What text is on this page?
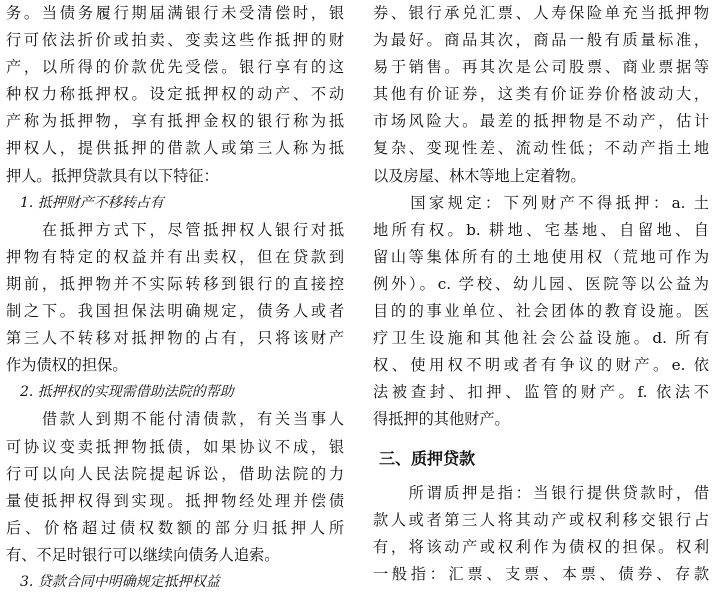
务。当债务履行期届满银行未受清偿时，银
行可依法折价或拍卖、变卖这些作抵押的财
产，以所得的价款优先受偿。银行享有的这
种权力称抵押权。设定抵押权的动产、不动
产称为抵押物，享有抵押金权的银行称为抵
押权人，提供抵押的借款人或第三人称为抵
押人。抵押贷款具有以下特征：
　1. 抵押财产不移转占有
　　在抵押方式下，尽管抵押权人银行对抵
押物有特定的权益并有出卖权，但在贷款到
期前，抵押物并不实际转移到银行的直接控
制之下。我国担保法明确规定，债务人或者
第三人不转移对抵押物的占有，只将该财产
作为债权的担保。
　2. 抵押权的实现需借助法院的帮助
　　借款人到期不能付清债款，有关当事人
可协议变卖抵押物抵债，如果协议不成，银
行可以向人民法院提起诉讼，借助法院的力
量使抵押权得到实现。抵押物经处理并偿债
后、价格超过债权数额的部分归抵押人所
有、不足时银行可以继续向债务人追索。
　3. 贷款合同中明确规定抵押权益
券、银行承兑汇票、人寿保险单充当抵押物
为最好。商品其次，商品一般有质量标准，
易于销售。再其次是公司股票、商业票据等
其他有价证券，这类有价证券价格波动大，
市场风险大。最差的抵押物是不动产，估计
复杂、变现性差、流动性低；不动产指土地
以及房屋、林木等地上定着物。
　　国家规定：下列财产不得抵押：a. 土
地所有权。b. 耕地、宅基地、自留地、自
留山等集体所有的土地使用权（荒地可作为
例外）。c. 学校、幼儿园、医院等以公益为
目的的事业单位、社会团体的教育设施。医
疗卫生设施和其他社会公益设施。d. 所有
权、使用权不明或者有争议的财产。e. 依
法被查封、扣押、监管的财产。f. 依法不
得抵押的其他财产。
三、质押贷款
　　所谓质押是指：当银行提供贷款时，借
款人或者第三人将其动产或权利移交银行占
有，将该动产或权利作为债权的担保。权利
一般指：汇票、支票、本票、债券、存款
